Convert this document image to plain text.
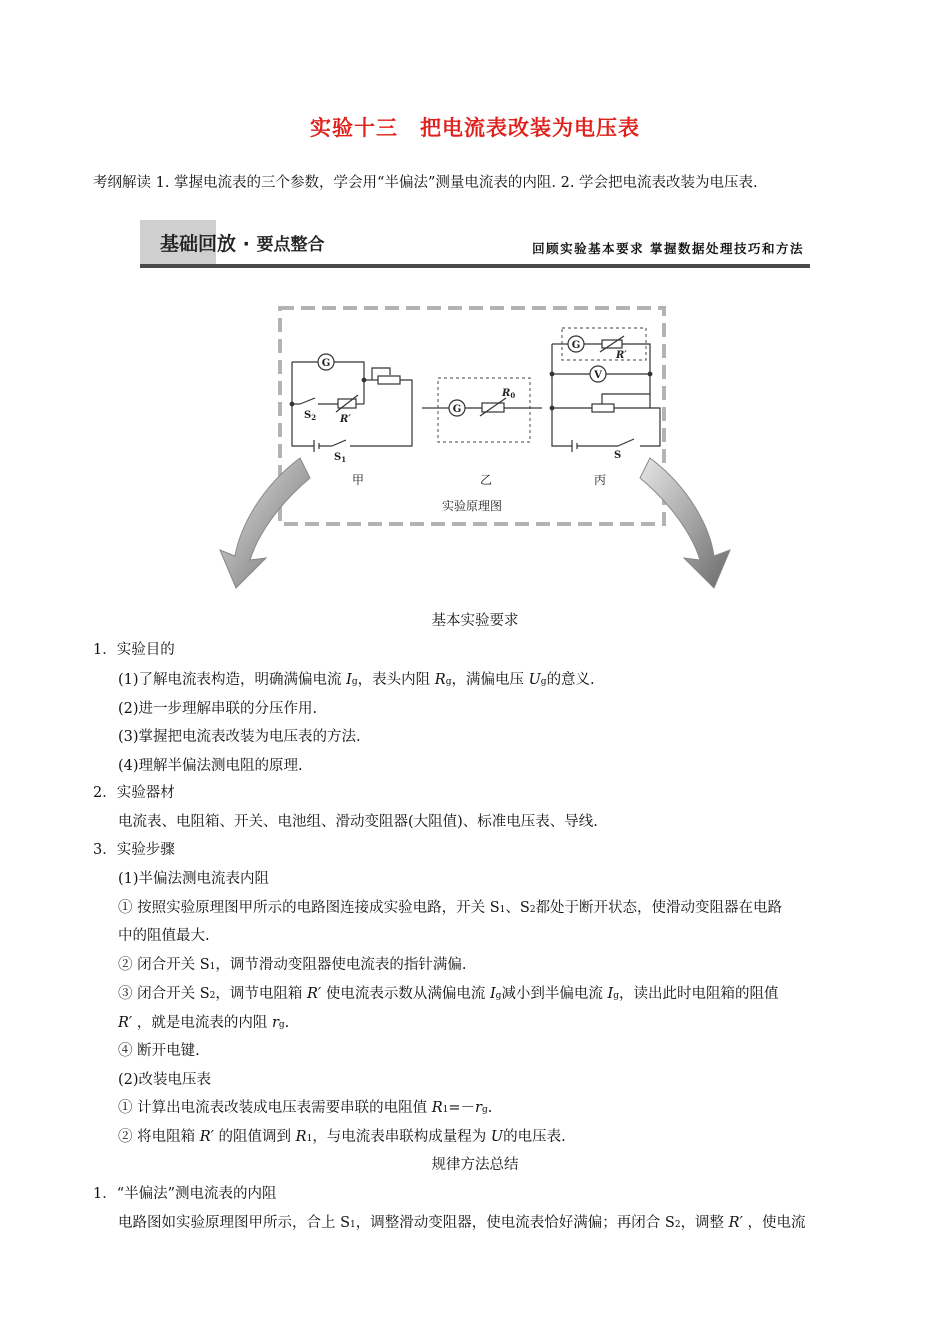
实验十三　把电流表改装为电压表
考纲解读 1. 掌握电流表的三个参数，学会用“半偏法”测量电流表的内阻. 2. 学会把电流表改装为电压表.
基础回放 · 要点整合	回顾实验基本要求 掌握数据处理技巧和方法
G
$S_2$ R′
$S_1$
G
$R_0$
G
R′
V
S
甲	乙	丙
实验原理图
基本实验要求
1．实验目的
(1)了解电流表构造，明确满偏电流 Ig，表头内阻 Rg，满偏电压 Ug的意义.
(2)进一步理解串联的分压作用.
(3)掌握把电流表改装为电压表的方法.
(4)理解半偏法测电阻的原理.
2．实验器材
电流表、电阻箱、开关、电池组、滑动变阻器(大阻值)、标准电压表、导线.
3．实验步骤
(1)半偏法测电流表内阻
① 按照实验原理图甲所示的电路图连接成实验电路，开关 S1、S2都处于断开状态，使滑动变阻器在电路
中的阻值最大.
② 闭合开关 S1，调节滑动变阻器使电流表的指针满偏.
③ 闭合开关 S2，调节电阻箱 R′ 使电流表示数从满偏电流 Ig减小到半偏电流 Ig，读出此时电阻箱的阻值
R′ ，就是电流表的内阻 rg.
④ 断开电键.
(2)改装电压表
① 计算出电流表改装成电压表需要串联的电阻值 R1=－rg.
② 将电阻箱 R′ 的阻值调到 R1，与电流表串联构成量程为 U的电压表.
规律方法总结
1．“半偏法”测电流表的内阻
电路图如实验原理图甲所示，合上 S1，调整滑动变阻器，使电流表恰好满偏；再闭合 S2，调整 R′ ，使电流
